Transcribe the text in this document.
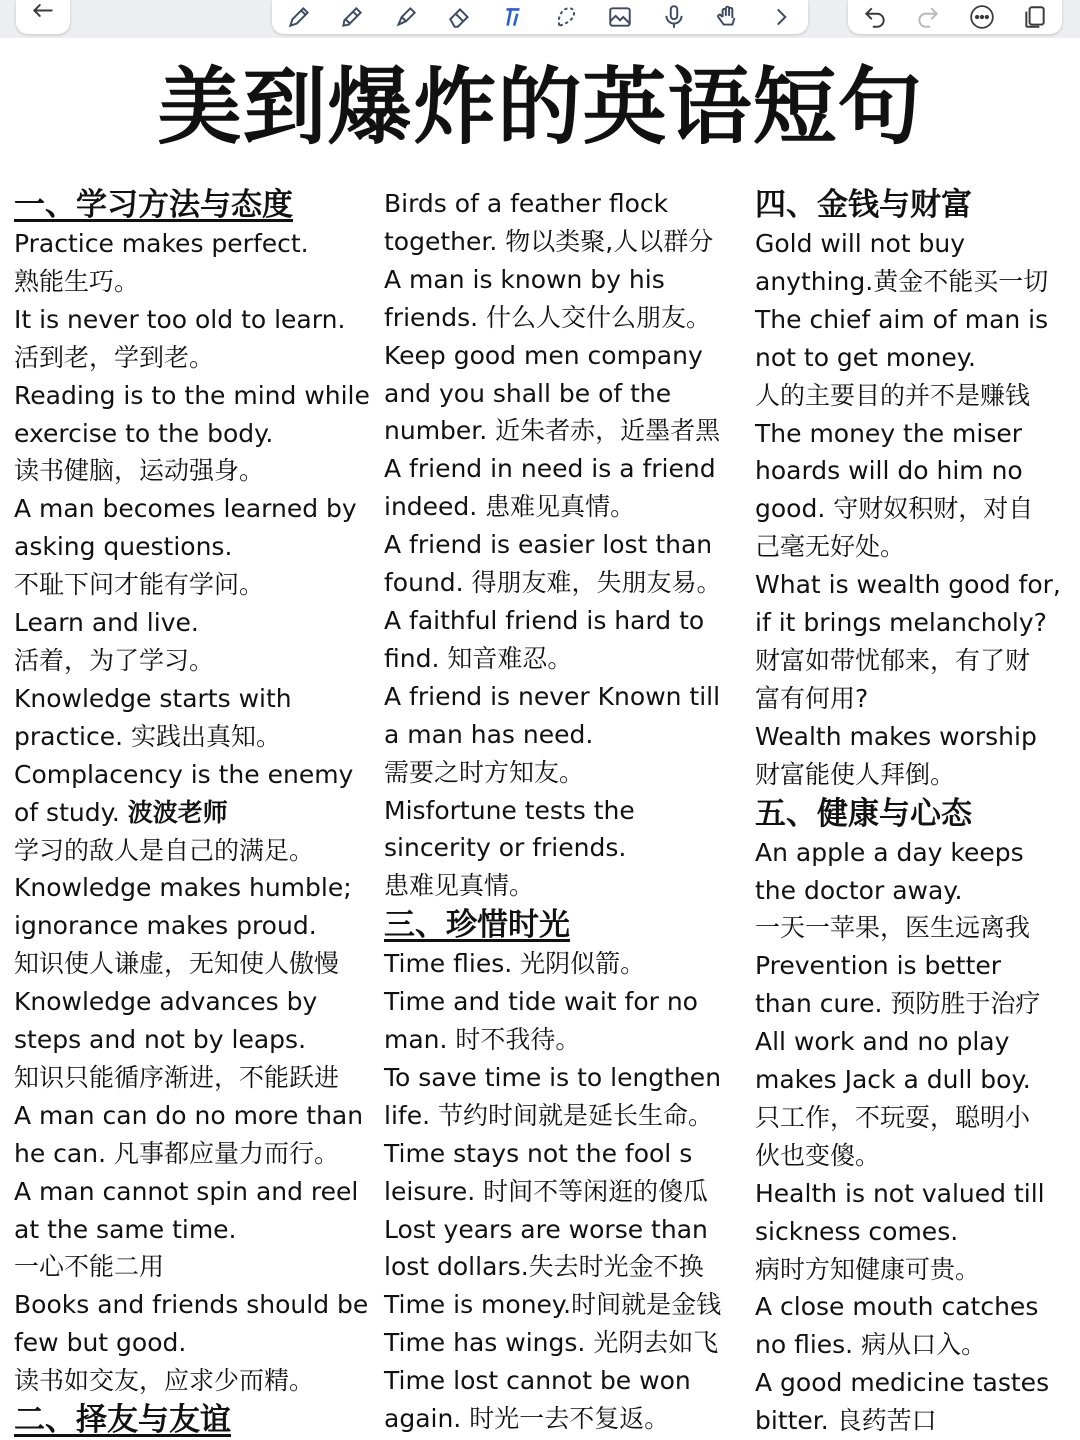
美到爆炸的英语短句

一、学习方法与态度

Practice makes perfect.

熟能生巧。

It is never too old to learn.

活到老，学到老。

Reading is to the mind while

exercise to the body.

读书健脑，运动强身。

A man becomes learned by

asking questions.

不耻下问才能有学问。

Learn and live.

活着，为了学习。

Knowledge starts with

practice. 实践出真知。

Complacency is the enemy

of study. 波波老师

学习的敌人是自己的满足。

Knowledge makes humble;

ignorance makes proud.

知识使人谦虚，无知使人傲慢

Knowledge advances by

steps and not by leaps.

知识只能循序渐进，不能跃进

A man can do no more than

he can. 凡事都应量力而行。

A man cannot spin and reel

at the same time.

一心不能二用

Books and friends should be

few but good.

读书如交友，应求少而精。

二、择友与友谊

Birds of a feather flock

together. 物以类聚,人以群分

A man is known by his

friends. 什么人交什么朋友。

Keep good men company

and you shall be of the

number. 近朱者赤，近墨者黑

A friend in need is a friend

indeed. 患难见真情。

A friend is easier lost than

found. 得朋友难，失朋友易。

A faithful friend is hard to

find. 知音难忍。

A friend is never Known till

a man has need.

需要之时方知友。

Misfortune tests the

sincerity or friends.

患难见真情。

三、珍惜时光

Time flies. 光阴似箭。

Time and tide wait for no

man. 时不我待。

To save time is to lengthen

life. 节约时间就是延长生命。

Time stays not the fool s

leisure. 时间不等闲逛的傻瓜

Lost years are worse than

lost dollars.失去时光金不换

Time is money.时间就是金钱

Time has wings. 光阴去如飞

Time lost cannot be won

again. 时光一去不复返。

四、金钱与财富

Gold will not buy

anything.黄金不能买一切

The chief aim of man is

not to get money.

人的主要目的并不是赚钱

The money the miser

hoards will do him no

good. 守财奴积财，对自

己毫无好处。

What is wealth good for,

if it brings melancholy?

财富如带忧郁来，有了财

富有何用?

Wealth makes worship

财富能使人拜倒。

五、健康与心态

An apple a day keeps

the doctor away.

一天一苹果，医生远离我

Prevention is better

than cure. 预防胜于治疗

All work and no play

makes Jack a dull boy.

只工作，不玩耍，聪明小

伙也变傻。

Health is not valued till

sickness comes.

病时方知健康可贵。

A close mouth catches

no flies. 病从口入。

A good medicine tastes

bitter. 良药苦口
